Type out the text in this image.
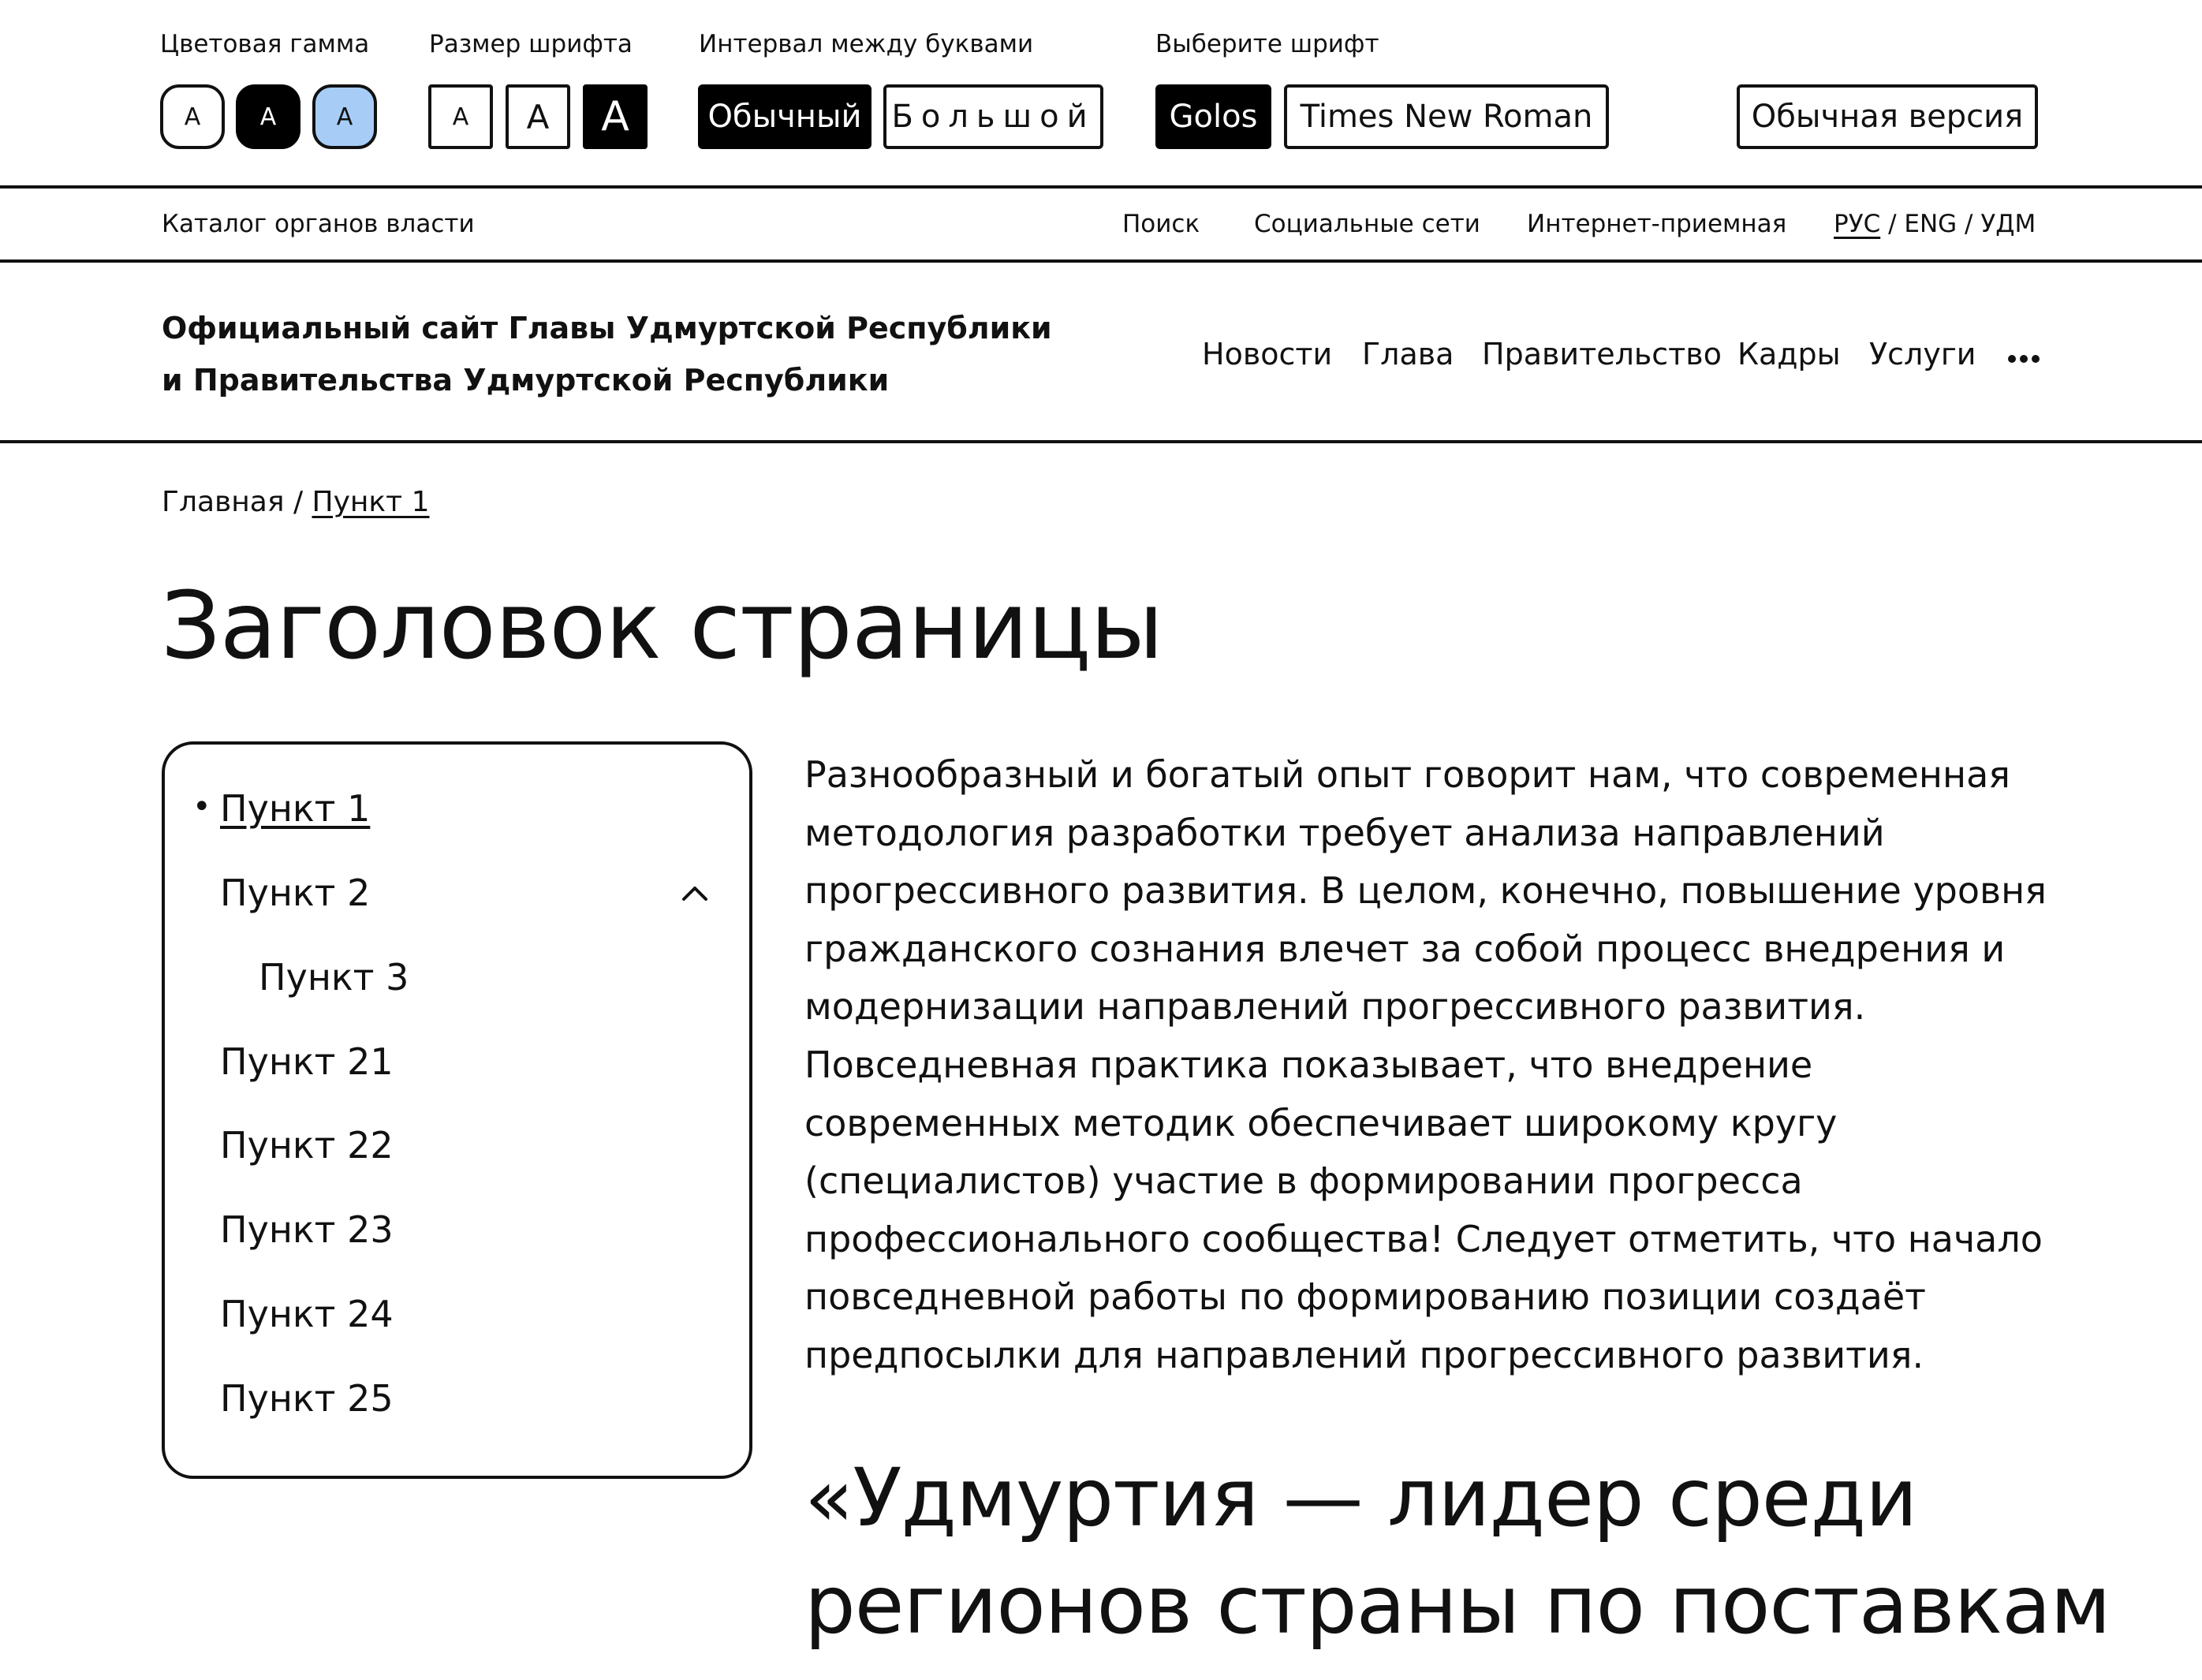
Цветовая гамма
А	А	А
Размер шрифта
А	А	А
Интервал между буквами
Обычный Большой
Выберите шрифт
Golos	Times New Roman	Обычная версия
Каталог органов власти	Поиск Социальные сети Интернет-приемная РУС / ENG / УДМ
Официальный сайт Главы Удмуртской Республики
и Правительства Удмуртской Республики
Новости Глава Правительство Кадры Услуги
Главная / Пункт 1
Заголовок страницы
• Пункт 1
Пункт 2
Пункт 3
Пункт 21
Пункт 22
Пункт 23
Пункт 24
Пункт 25
Разнообразный и богатый опыт говорит нам, что современная методология разработки требует анализа направлений прогрессивного развития. В целом, конечно, повышение уровня гражданского сознания влечет за собой процесс внедрения и модернизации направлений прогрессивного развития. Повседневная практика показывает, что внедрение современных методик обеспечивает широкому кругу (специалистов) участие в формировании прогресса профессионального сообщества! Следует отметить, что начало повседневной работы по формированию позиции создаёт предпосылки для направлений прогрессивного развития.
«Удмуртия — лидер среди регионов страны по поставкам
